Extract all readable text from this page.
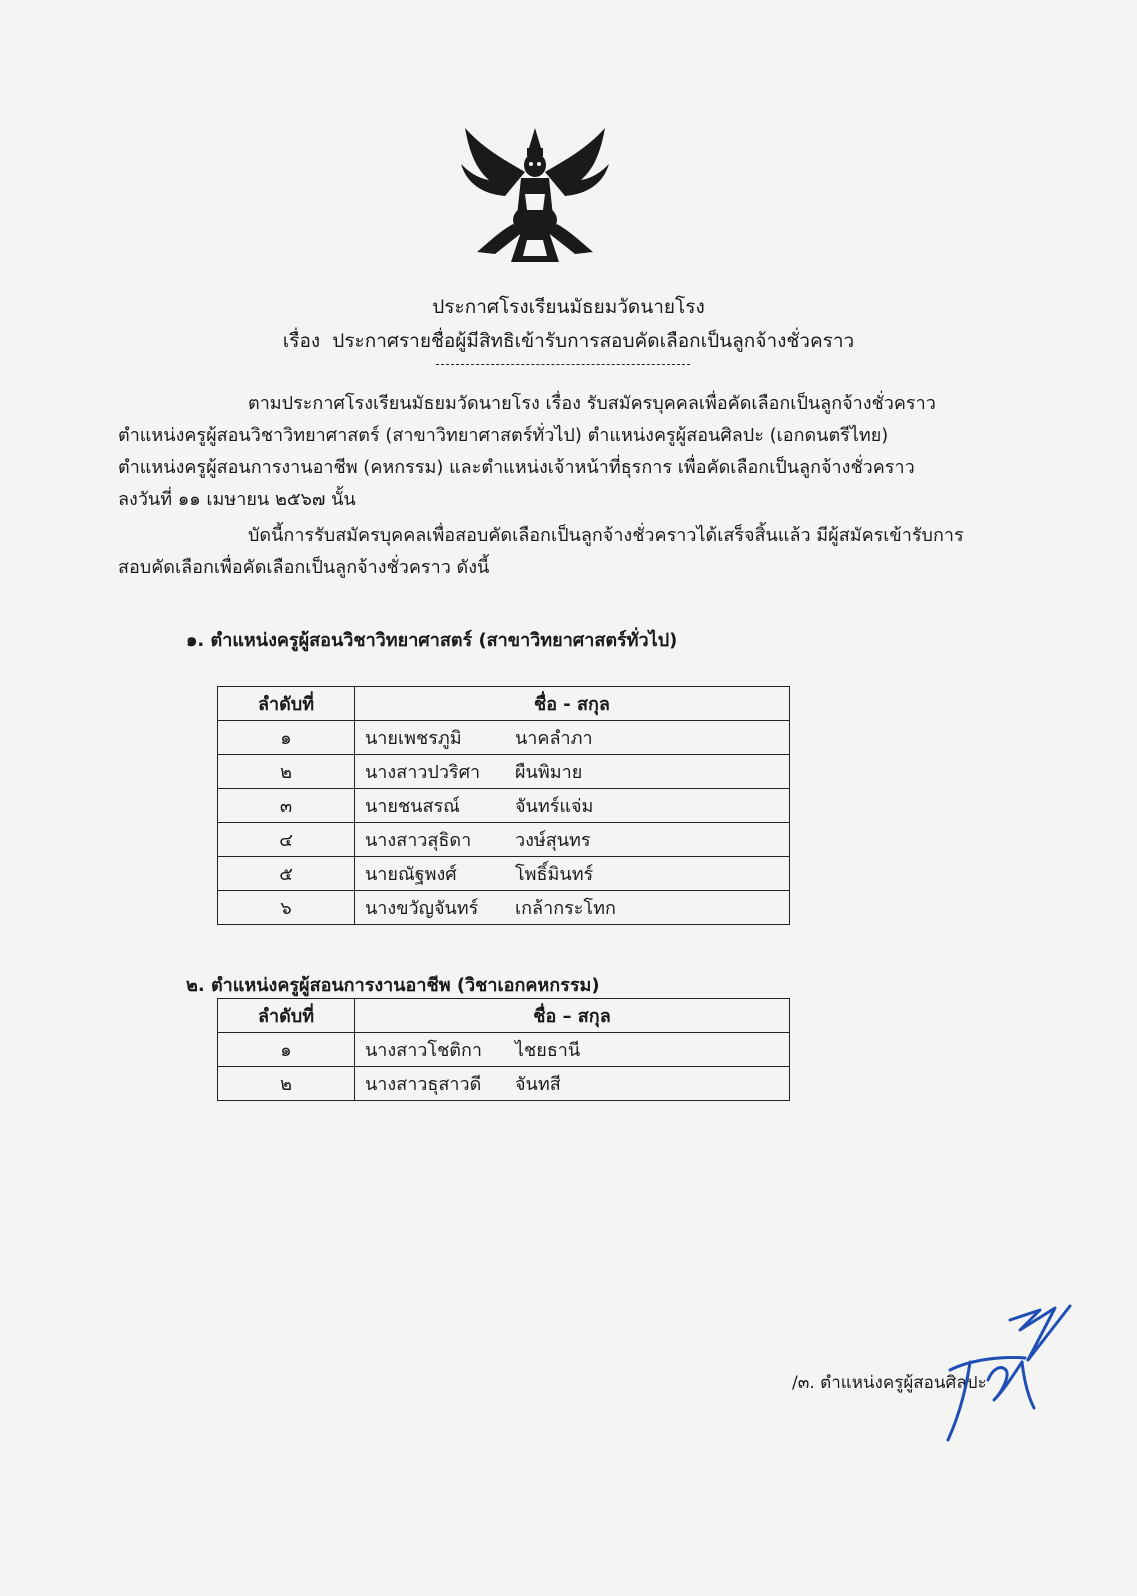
ประกาศโรงเรียนมัธยมวัดนายโรง
เรื่อง ประกาศรายชื่อผู้มีสิทธิเข้ารับการสอบคัดเลือกเป็นลูกจ้างชั่วคราว
ตามประกาศโรงเรียนมัธยมวัดนายโรง เรื่อง รับสมัครบุคคลเพื่อคัดเลือกเป็นลูกจ้างชั่วคราว
ตำแหน่งครูผู้สอนวิชาวิทยาศาสตร์ (สาขาวิทยาศาสตร์ทั่วไป) ตำแหน่งครูผู้สอนศิลปะ (เอกดนตรีไทย)
ตำแหน่งครูผู้สอนการงานอาชีพ (คหกรรม) และตำแหน่งเจ้าหน้าที่ธุรการ เพื่อคัดเลือกเป็นลูกจ้างชั่วคราว
ลงวันที่ ๑๑ เมษายน ๒๕๖๗ นั้น
บัดนี้การรับสมัครบุคคลเพื่อสอบคัดเลือกเป็นลูกจ้างชั่วคราวได้เสร็จสิ้นแล้ว มีผู้สมัครเข้ารับการ
สอบคัดเลือกเพื่อคัดเลือกเป็นลูกจ้างชั่วคราว ดังนี้
๑. ตำแหน่งครูผู้สอนวิชาวิทยาศาสตร์ (สาขาวิทยาศาสตร์ทั่วไป)
ลำดับที่	ชื่อ - สกุล
๑	นายเพชรภูมิ นาคลำภา
๒	นางสาวปวริศา ผืนพิมาย
๓	นายชนสรณ์ จันทร์แจ่ม
๔	นางสาวสุธิดา วงษ์สุนทร
๕	นายณัฐพงศ์ โพธิ์มินทร์
๖	นางขวัญจันทร์ เกล้ากระโทก
๒. ตำแหน่งครูผู้สอนการงานอาชีพ (วิชาเอกคหกรรม)
ลำดับที่	ชื่อ – สกุล
๑	นางสาวโชติกา ไชยธานี
๒	นางสาวธุสาวดี จันทสี
/๓. ตำแหน่งครูผู้สอนศิลปะ
